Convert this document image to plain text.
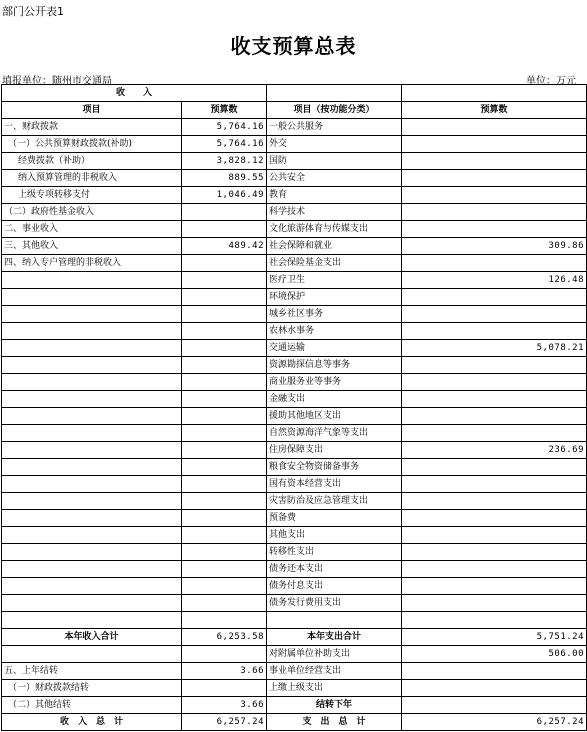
部门公开表1
收支预算总表
填报单位：随州市交通局	单位：万元
收　　入			
项目	预算数	项目（按功能分类）	预算数
一、财政拨款	5,764.16	一般公共服务	
（一）公共预算财政拨款(补助)	5,764.16	外交	
经费拨款（补助）	3,828.12	国防	
纳入预算管理的非税收入	889.55	公共安全	
上级专项转移支付	1,046.49	教育	
（二）政府性基金收入		科学技术	
二、事业收入		文化旅游体育与传媒支出	
三、其他收入	489.42	社会保障和就业	309.86
四、纳入专户管理的非税收入		社会保险基金支出	
		医疗卫生	126.48
		环境保护	
		城乡社区事务	
		农林水事务	
		交通运输	5,078.21
		资源勘探信息等事务	
		商业服务业等事务	
		金融支出	
		援助其他地区支出	
		自然资源海洋气象等支出	
		住房保障支出	236.69
		粮食安全物资储备事务	
		国有资本经营支出	
		灾害防治及应急管理支出	
		预备费	
		其他支出	
		转移性支出	
		债务还本支出	
		债务付息支出	
		债务发行费用支出	

本年收入合计	6,253.58	本年支出合计	5,751.24
		对附属单位补助支出	506.00
五、上年结转	3.66	事业单位经营支出	
（一）财政拨款结转		上缴上级支出	
（二）其他结转	3.66	结转下年	
收　入　总　计	6,257.24	支　出　总　计	6,257.24
